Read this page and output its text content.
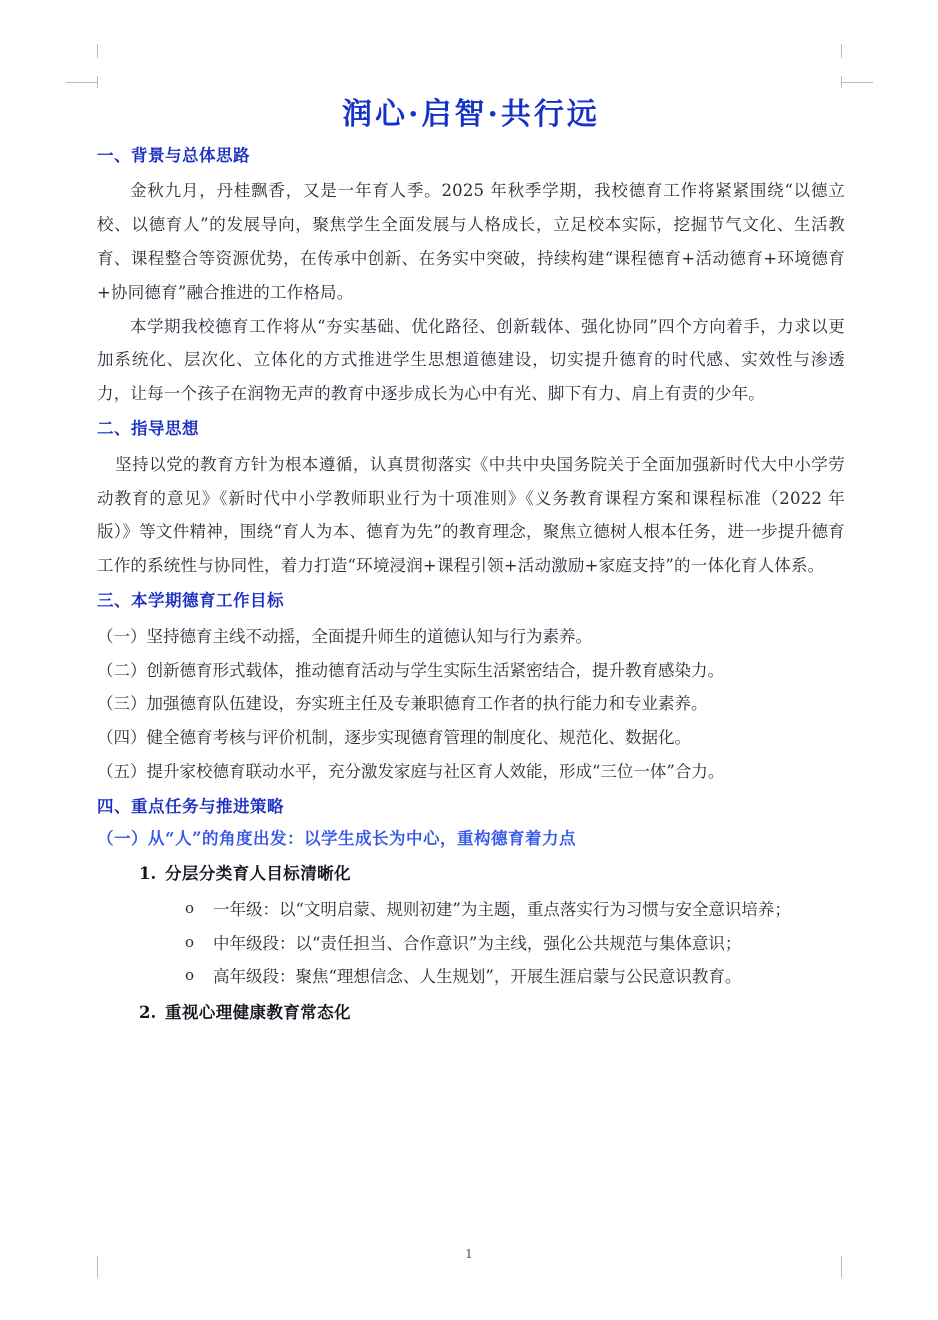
润心·启智·共行远
一、背景与总体思路

金秋九月，丹桂飘香，又是一年育人季。2025 年秋季学期，我校德育工作将紧紧围绕“以德立校、以德育人”的发展导向，聚焦学生全面发展与人格成长，立足校本实际，挖掘节气文化、生活教育、课程整合等资源优势，在传承中创新、在务实中突破，持续构建“课程德育+活动德育+环境德育+协同德育”融合推进的工作格局。

本学期我校德育工作将从“夯实基础、优化路径、创新载体、强化协同”四个方向着手，力求以更加系统化、层次化、立体化的方式推进学生思想道德建设，切实提升德育的时代感、实效性与渗透力，让每一个孩子在润物无声的教育中逐步成长为心中有光、脚下有力、肩上有责的少年。

二、指导思想

坚持以党的教育方针为根本遵循，认真贯彻落实《中共中央国务院关于全面加强新时代大中小学劳动教育的意见》《新时代中小学教师职业行为十项准则》《义务教育课程方案和课程标准（2022 年版）》等文件精神，围绕“育人为本、德育为先”的教育理念，聚焦立德树人根本任务，进一步提升德育工作的系统性与协同性，着力打造“环境浸润+课程引领+活动激励+家庭支持”的一体化育人体系。

三、本学期德育工作目标

（一）坚持德育主线不动摇，全面提升师生的道德认知与行为素养。

（二）创新德育形式载体，推动德育活动与学生实际生活紧密结合，提升教育感染力。

（三）加强德育队伍建设，夯实班主任及专兼职德育工作者的执行能力和专业素养。

（四）健全德育考核与评价机制，逐步实现德育管理的制度化、规范化、数据化。

（五）提升家校德育联动水平，充分激发家庭与社区育人效能，形成“三位一体”合力。

四、重点任务与推进策略
（一）从“人”的角度出发：以学生成长为中心，重构德育着力点
1. 分层分类育人目标清晰化
o	一年级：以“文明启蒙、规则初建”为主题，重点落实行为习惯与安全意识培养；
o	中年级段：以“责任担当、合作意识”为主线，强化公共规范与集体意识；
o	高年级段：聚焦“理想信念、人生规划”，开展生涯启蒙与公民意识教育。
2. 重视心理健康教育常态化
1
